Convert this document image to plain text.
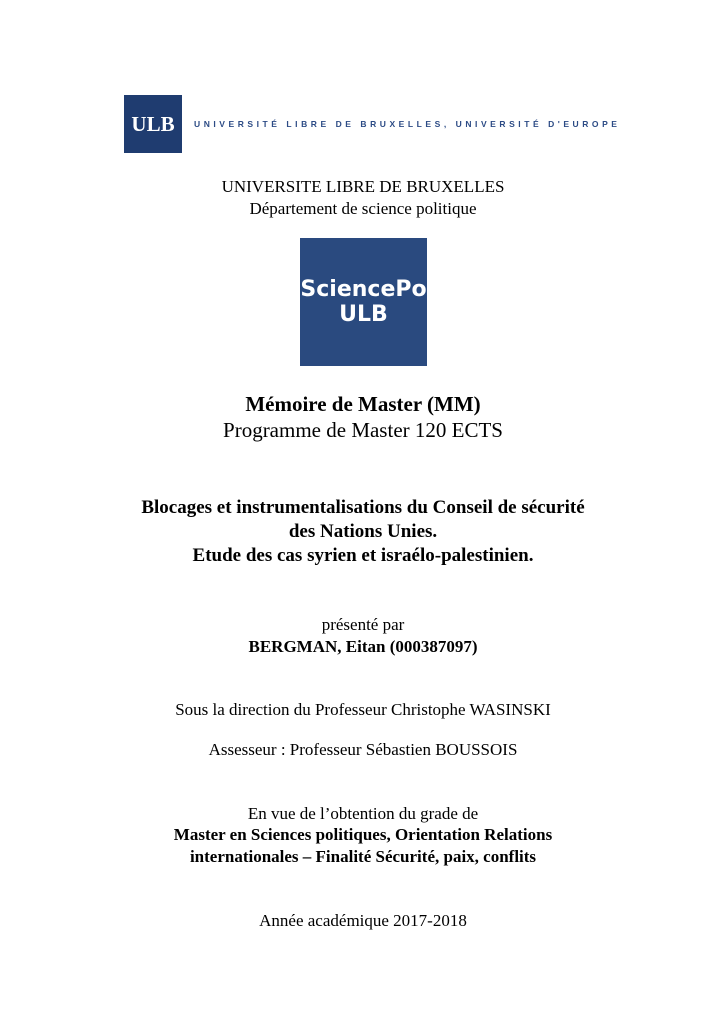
ULB UNIVERSITÉ LIBRE DE BRUXELLES, UNIVERSITÉ D'EUROPE
UNIVERSITE LIBRE DE BRUXELLES
Département de science politique
SciencePo
ULB
Mémoire de Master (MM)
Programme de Master 120 ECTS
Blocages et instrumentalisations du Conseil de sécurité
des Nations Unies.
Etude des cas syrien et israélo-palestinien.
présenté par
BERGMAN, Eitan (000387097)
Sous la direction du Professeur Christophe WASINSKI
Assesseur : Professeur Sébastien BOUSSOIS
En vue de l’obtention du grade de
Master en Sciences politiques, Orientation Relations
internationales – Finalité Sécurité, paix, conflits
Année académique 2017-2018
